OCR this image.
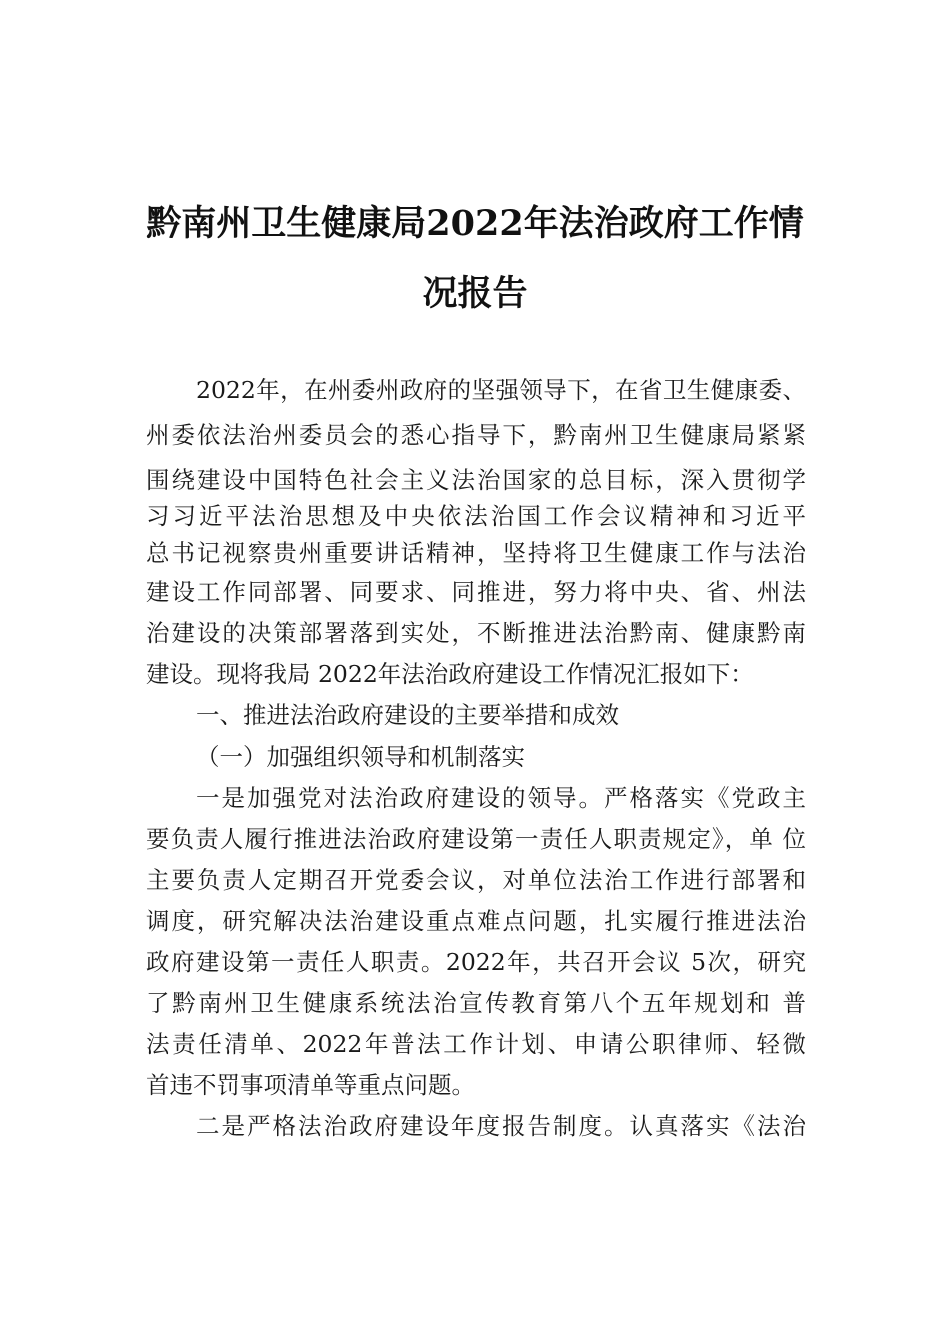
黔南州卫生健康局2022年法治政府工作情
况报告
2022年，在州委州政府的坚强领导下，在省卫生健康委、
州委依法治州委员会的悉心指导下，黔南州卫生健康局紧紧
围绕建设中国特色社会主义法治国家的总目标，深入贯彻学
习习近平法治思想及中央依法治国工作会议精神和习近平
总书记视察贵州重要讲话精神，坚持将卫生健康工作与法治
建设工作同部署、同要求、同推进，努力将中央、省、州法
治建设的决策部署落到实处，不断推进法治黔南、健康黔南
建设。现将我局 2022年法治政府建设工作情况汇报如下：
一、推进法治政府建设的主要举措和成效
（一）加强组织领导和机制落实
一是加强党对法治政府建设的领导。严格落实《党政主
要负责人履行推进法治政府建设第一责任人职责规定》，单 位
主要负责人定期召开党委会议，对单位法治工作进行部署和
调度，研究解决法治建设重点难点问题，扎实履行推进法治
政府建设第一责任人职责。2022年，共召开会议 5次，研究
了黔南州卫生健康系统法治宣传教育第八个五年规划和 普
法责任清单、2022年普法工作计划、申请公职律师、轻微
首违不罚事项清单等重点问题。
二是严格法治政府建设年度报告制度。认真落实《法治
